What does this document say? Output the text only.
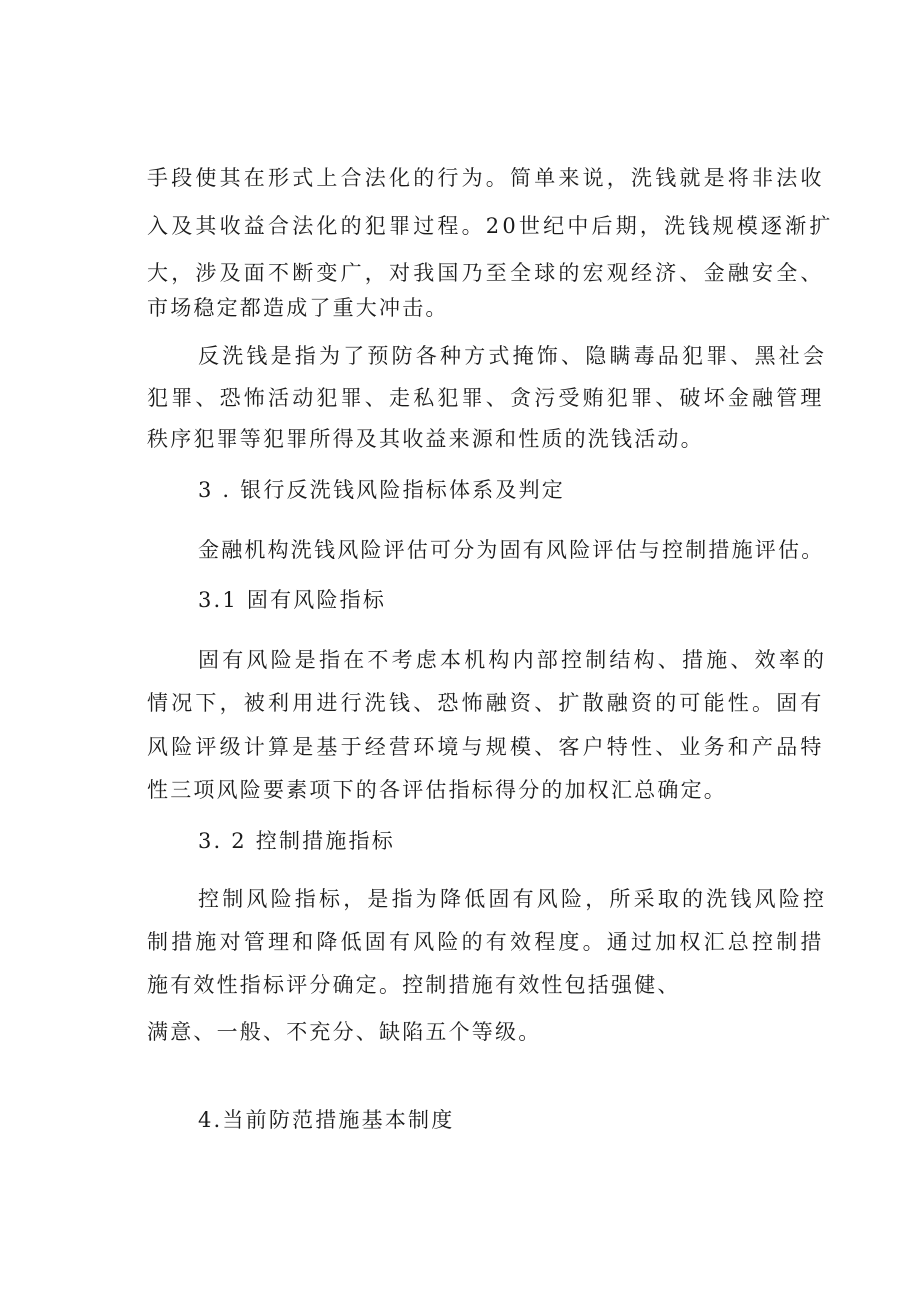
手段使其在形式上合法化的行为。简单来说，洗钱就是将非法收
入及其收益合法化的犯罪过程。20世纪中后期，洗钱规模逐渐扩
大，涉及面不断变广，对我国乃至全球的宏观经济、金融安全、
市场稳定都造成了重大冲击。
反洗钱是指为了预防各种方式掩饰、隐瞒毒品犯罪、黑社会
犯罪、恐怖活动犯罪、走私犯罪、贪污受贿犯罪、破坏金融管理
秩序犯罪等犯罪所得及其收益来源和性质的洗钱活动。
3 . 银行反洗钱风险指标体系及判定
金融机构洗钱风险评估可分为固有风险评估与控制措施评估。
3.1 固有风险指标
固有风险是指在不考虑本机构内部控制结构、措施、效率的
情况下，被利用进行洗钱、恐怖融资、扩散融资的可能性。固有
风险评级计算是基于经营环境与规模、客户特性、业务和产品特
性三项风险要素项下的各评估指标得分的加权汇总确定。
3. 2 控制措施指标
控制风险指标，是指为降低固有风险，所采取的洗钱风险控
制措施对管理和降低固有风险的有效程度。通过加权汇总控制措
施有效性指标评分确定。控制措施有效性包括强健、
满意、一般、不充分、缺陷五个等级。
4.当前防范措施基本制度
